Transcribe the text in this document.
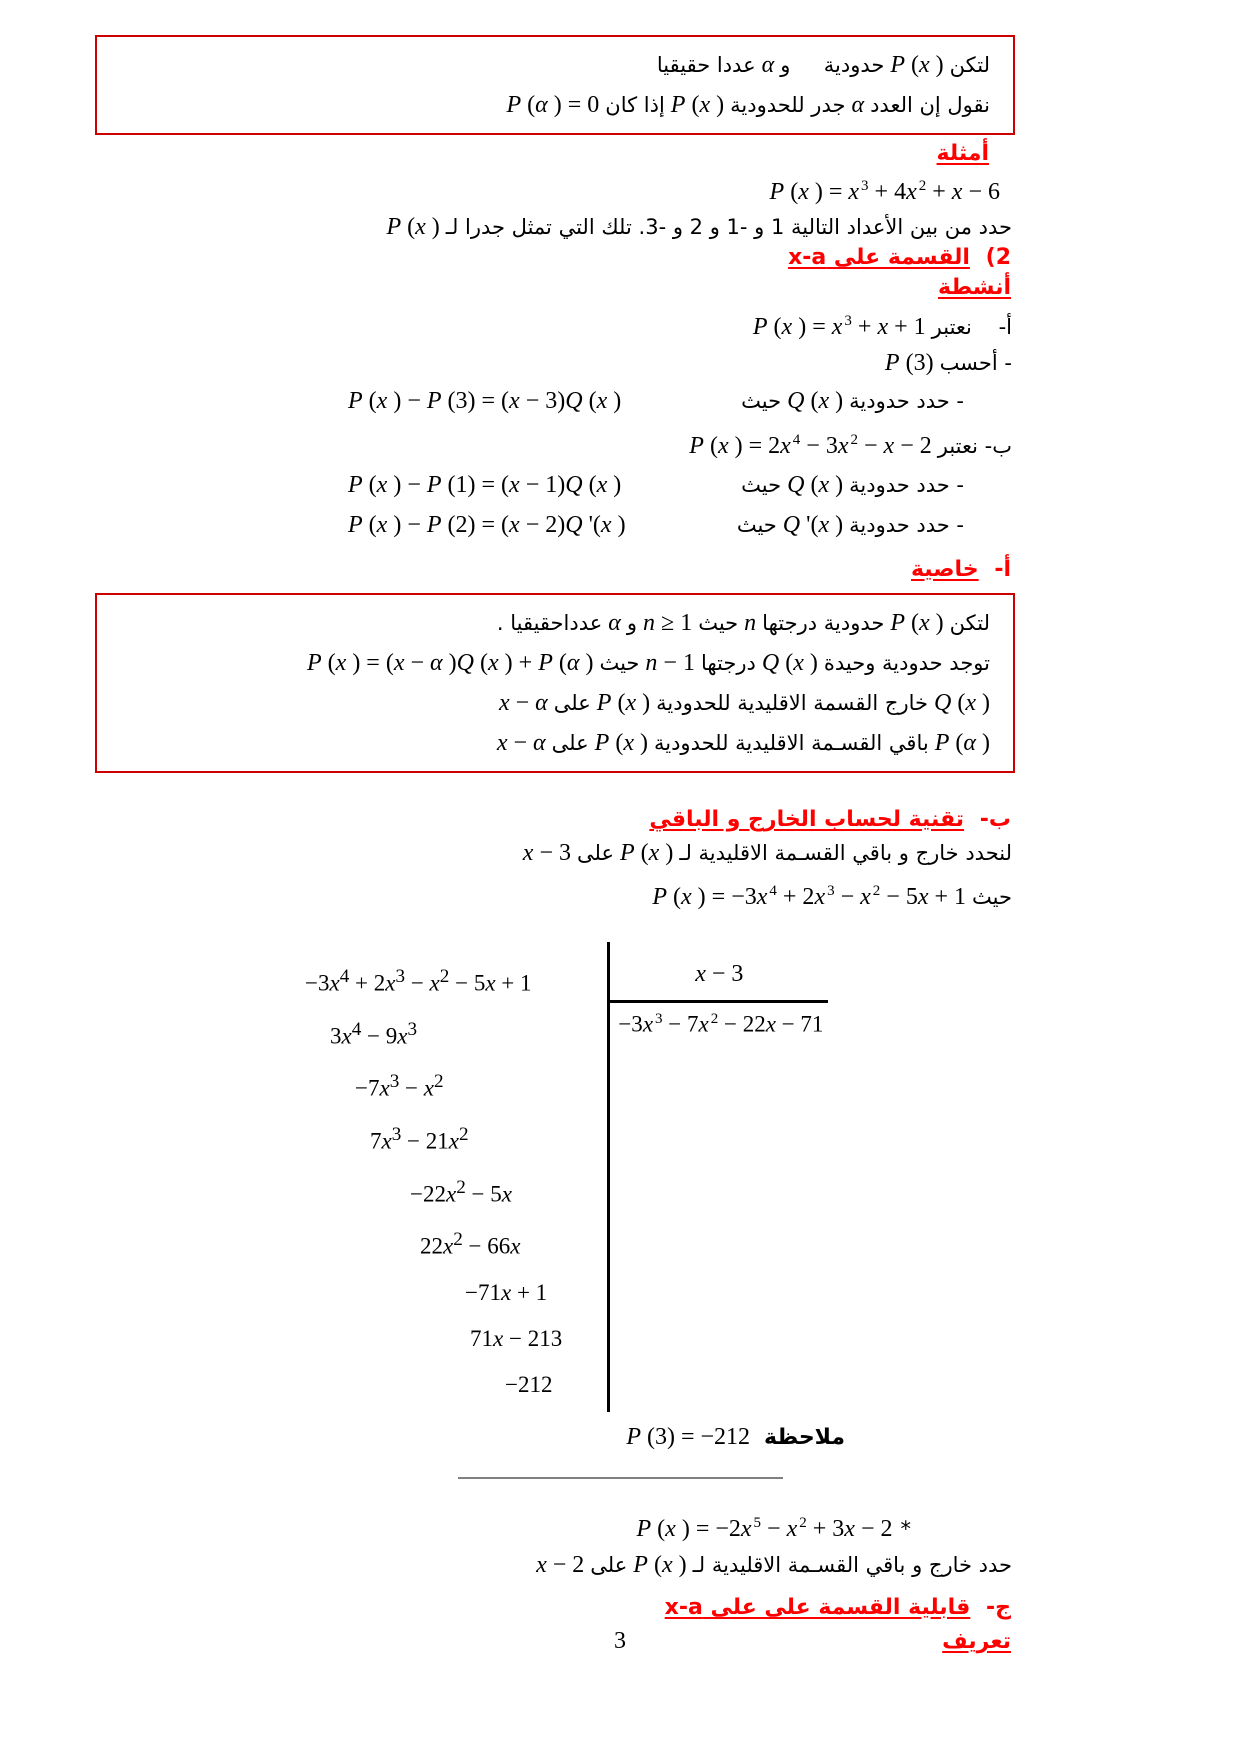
لتكنP (x )حدودية     وαعددا حقيقيا
نقول إن العددαجدر للحدوديةP (x )إذا كانP (α ) = 0
أمثلة
P (x ) = x $^3$ + 4x $^2$ + x − 6
حدد من بين الأعداد التالية 1 و -1 و 2 و -3. تلك التي تمثل جدرا لـP (x )
2) القسمة على x-a
أنشطة
أ-    نعتبرP (x ) = x $^3$ + x + 1
- أحسبP (3)
- حدد حدوديةQ (x )حيث
P (x ) − P (3) = (x − 3)Q (x )
ب- نعتبرP (x ) = 2x $^4$ − 3x $^2$ − x − 2
- حدد حدوديةQ (x )حيث
P (x ) − P (1) = (x − 1)Q (x )
- حدد حدوديةQ '(x )حيث
P (x ) − P (2) = (x − 2)Q '(x )
أ- خاصية
لتكنP (x )حدودية درجتهاnحيثn ≥ 1وαعدداحقيقيا .
توجد حدودية وحيدةQ (x )درجتهاn − 1حيثP (x ) = (x − α )Q (x ) + P (α )
Q (x )خارج القسمة الاقليدية للحدوديةP (x )علىx − α
P (α )باقي القسـمة الاقليدية للحدوديةP (x )علىx − α
ب- تقنية لحساب الخارج و الباقي
لنحدد خارج و باقي القسـمة الاقليدية لـP (x )علىx − 3
حيثP (x ) = −3x $^4$ + 2x $^3$ − x $^2$ − 5x + 1
$-3x^4 + 2x^3 - x^2 - 5x + 1$
$3x^4 - 9x^3$
$-7x^3 - x^2$
$7x^3 - 21x^2$
$-22x^2 - 5x$
$22x^2 - 66x$
−71x + 1
71x − 213
−212
x − 3 −3x $^3$ − 7x $^2$ − 22x − 71
ملاحظة
P (3) = −212
*P (x ) = −2x $^5$ − x $^2$ + 3x − 2
حدد خارج و باقي القسـمة الاقليدية لـP (x )علىx − 2
ج- قابلية القسمة على على x-a
تعريف
3
